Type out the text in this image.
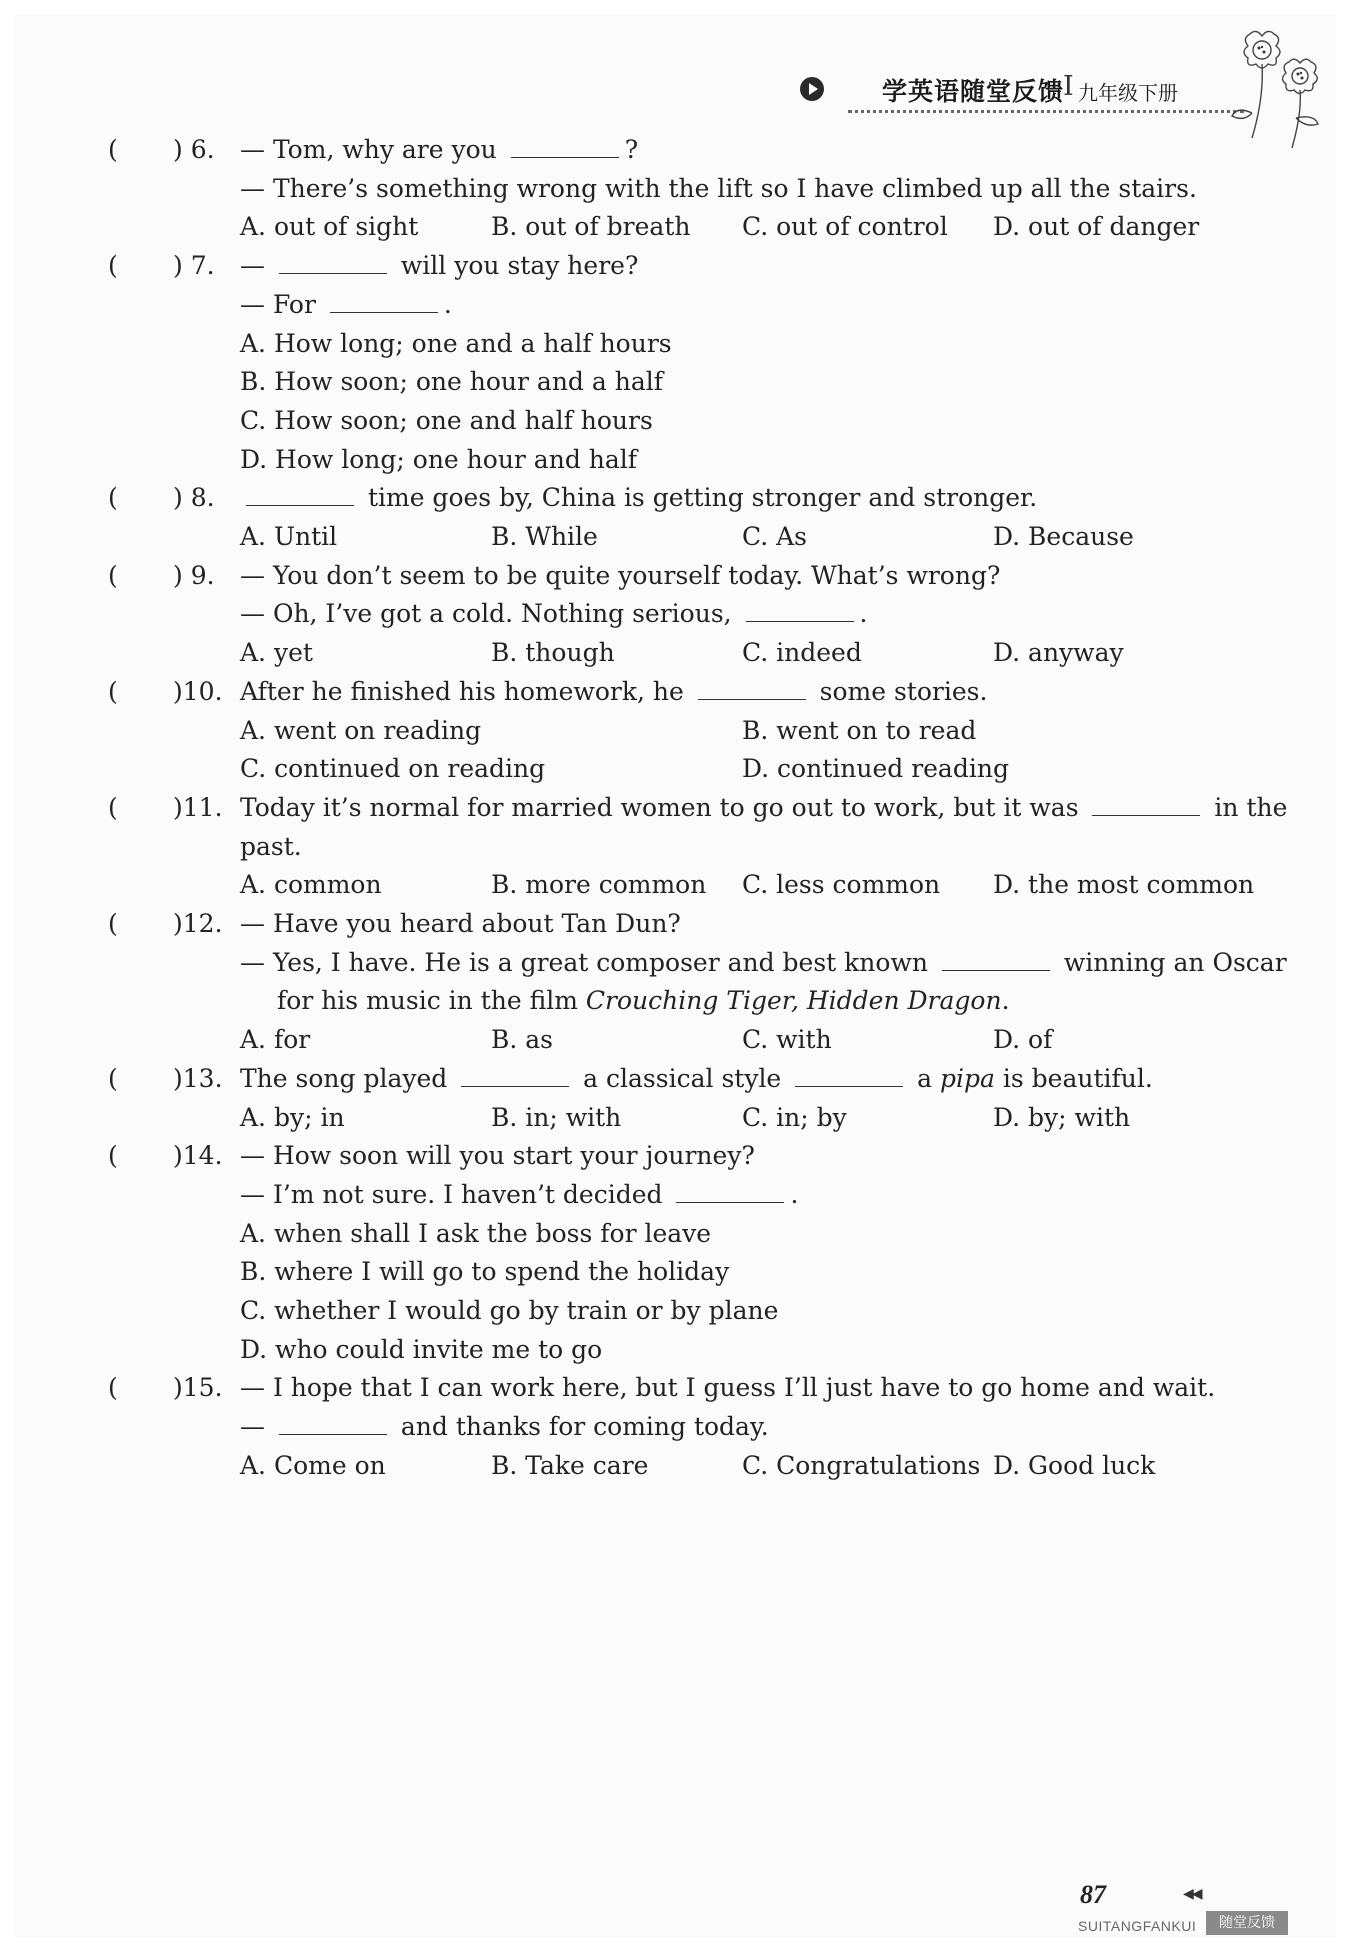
学英语随堂反馈
I 九年级下册
( ) 6. — Tom, why are you	?
— There’s something wrong with the lift so I have climbed up all the stairs.
A. out of sight	B. out of breath C. out of control D. out of danger
( ) 7. —	will you stay here?
— For	.
A. How long; one and a half hours
B. How soon; one hour and a half
C. How soon; one and half hours
D. How long; one hour and half
( ) 8.	time goes by, China is getting stronger and stronger.
A. Until	B. While	C. As	D. Because
( ) 9. — You don’t seem to be quite yourself today. What’s wrong?
— Oh, I’ve got a cold. Nothing serious,	.
A. yet	B. though	C. indeed	D. anyway
( )10. After he finished his homework, he	some stories.
A. went on reading	B. went on to read
C. continued on reading	D. continued reading
( )11. Today it’s normal for married women to go out to work, but it was	in the
past.
A. common	B. more common C. less common D. the most common
( )12. — Have you heard about Tan Dun?
— Yes, I have. He is a great composer and best known	winning an Oscar
for his music in the film Crouching Tiger, Hidden Dragon.
A. for	B. as	C. with	D. of
( )13. The song played	a classical style	a pipa is beautiful.
A. by; in	B. in; with	C. in; by	D. by; with
( )14. — How soon will you start your journey?
— I’m not sure. I haven’t decided	.
A. when shall I ask the boss for leave
B. where I will go to spend the holiday
C. whether I would go by train or by plane
D. who could invite me to go
( )15. — I hope that I can work here, but I guess I’ll just have to go home and wait.
—	and thanks for coming today.
A. Come on	B. Take care	C. Congratulations D. Good luck
87	◀◀
SUITANGFANKUI	随堂反馈
